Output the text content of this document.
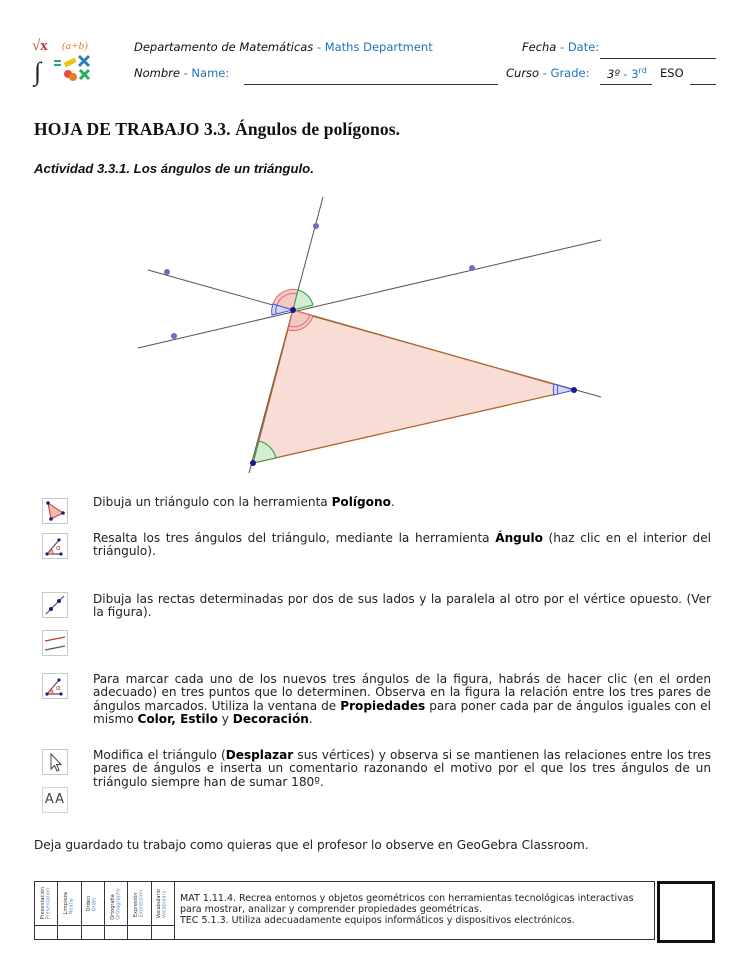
√x (a+b)
∫
Departamento de Matemáticas - Maths Department	Fecha - Date:
Nombre - Name:	Curso - Grade: 3º - 3rd ESO
HOJA DE TRABAJO 3.3. Ángulos de polígonos.
Actividad 3.3.1. Los ángulos de un triángulo.
Dibuja un triángulo con la herramienta Polígono.
α
Resalta los tres ángulos del triángulo, mediante la herramienta Ángulo (haz clic en el interior del triángulo).
Dibuja las rectas determinadas por dos de sus lados y la paralela al otro por el vértice opuesto. (Ver la figura).
α
Para marcar cada uno de los nuevos tres ángulos de la figura, habrás de hacer clic (en el orden adecuado) en tres puntos que lo determinen. Observa en la figura la relación entre los tres pares de ángulos marcados. Utiliza la ventana de Propiedades para poner cada par de ángulos iguales con el mismo Color, Estilo y Decoración.
AA
Modifica el triángulo (Desplazar sus vértices) y observa si se mantienen las relaciones entre los tres pares de ángulos e inserta un comentario razonando el motivo por el que los tres ángulos de un triángulo siempre han de sumar 180º.
Deja guardado tu trabajo como quieras que el profesor lo observe en GeoGebra Classroom.
Presentación
Presentation Limpieza
Neatly Orden
Order Ortografía
Orthography Expresión
Expression Vocabulario
Vocabulary MAT 1.11.4. Recrea entornos y objetos geométricos con herramientas tecnológicas interactivas
para mostrar, analizar y comprender propiedades geométricas.
TEC 5.1.3. Utiliza adecuadamente equipos informáticos y dispositivos electrónicos.
